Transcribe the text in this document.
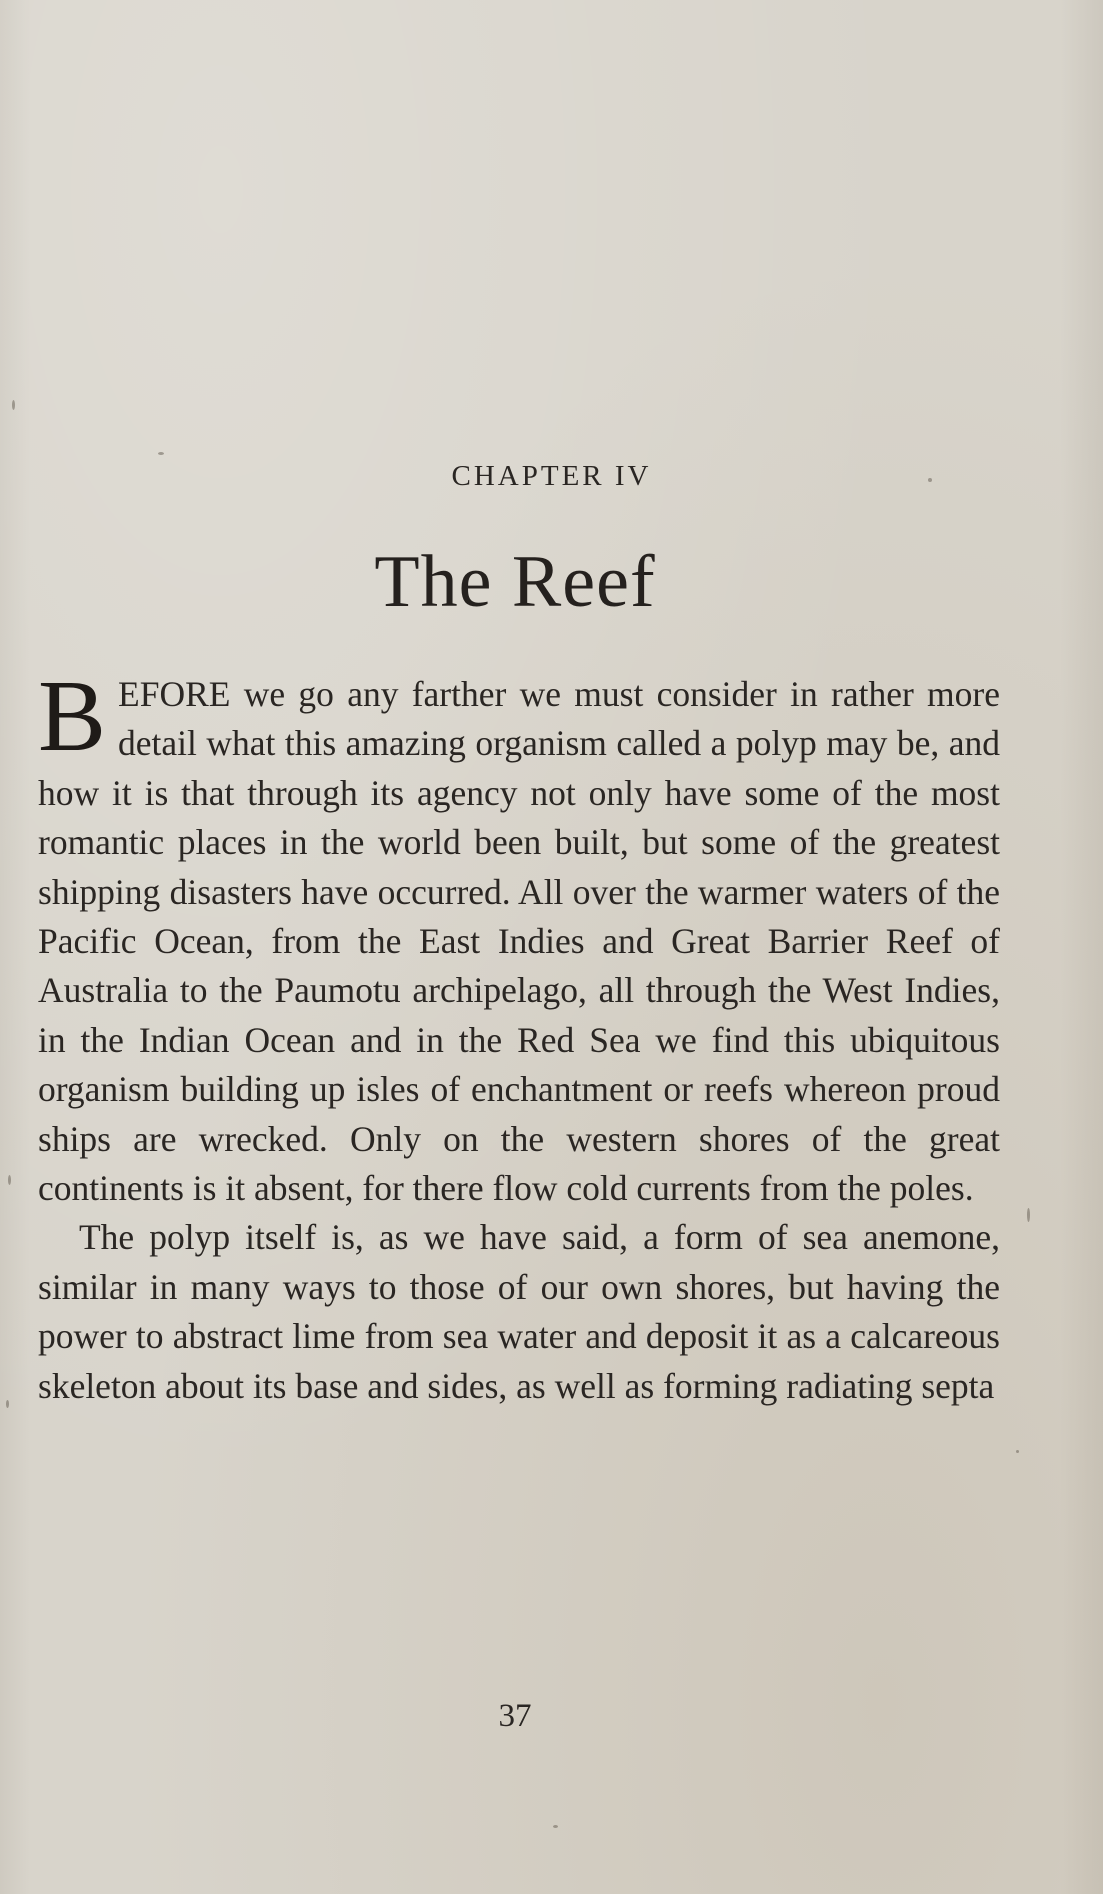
CHAPTER IV
The Reef

BEFORE we go any farther we must consider in rather more detail what this amazing organism called a polyp may be, and how it is that through its agency not only have some of the most romantic places in the world been built, but some of the greatest shipping disasters have occurred. All over the warmer waters of the Pacific Ocean, from the East Indies and Great Barrier Reef of Australia to the Paumotu archipelago, all through the West Indies, in the Indian Ocean and in the Red Sea we find this ubiquitous organism building up isles of enchantment or reefs whereon proud ships are wrecked. Only on the western shores of the great continents is it absent, for there flow cold currents from the poles.

The polyp itself is, as we have said, a form of sea anemone, similar in many ways to those of our own shores, but having the power to abstract lime from sea water and deposit it as a calcareous skeleton about its base and sides, as well as forming radiating septa

37
